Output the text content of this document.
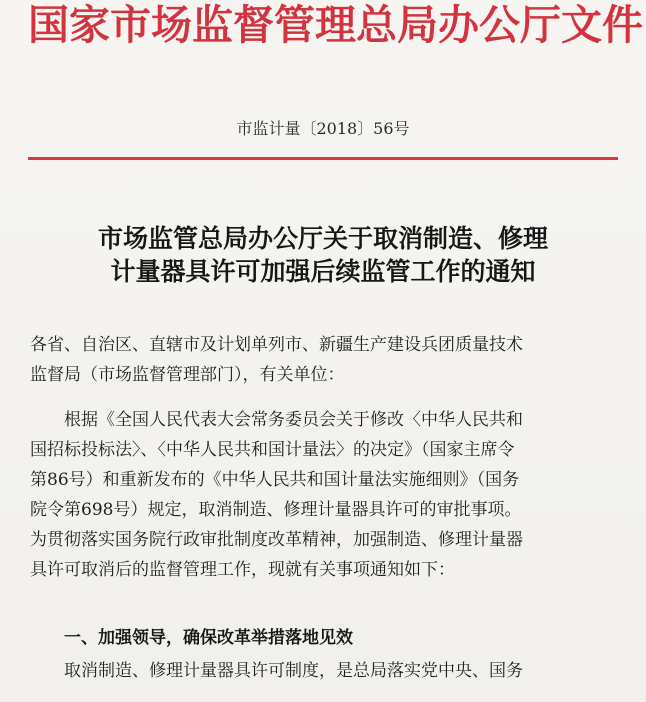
国家市场监督管理总局办公厅文件
市监计量〔2018〕56号
市场监管总局办公厅关于取消制造、修理
计量器具许可加强后续监管工作的通知
各省、自治区、直辖市及计划单列市、新疆生产建设兵团质量技术
监督局（市场监督管理部门），有关单位：
根据《全国人民代表大会常务委员会关于修改〈中华人民共和
国招标投标法〉、〈中华人民共和国计量法〉的决定》（国家主席令
第86号）和重新发布的《中华人民共和国计量法实施细则》（国务
院令第698号）规定，取消制造、修理计量器具许可的审批事项。
为贯彻落实国务院行政审批制度改革精神，加强制造、修理计量器
具许可取消后的监督管理工作，现就有关事项通知如下：
一、加强领导，确保改革举措落地见效
取消制造、修理计量器具许可制度，是总局落实党中央、国务
